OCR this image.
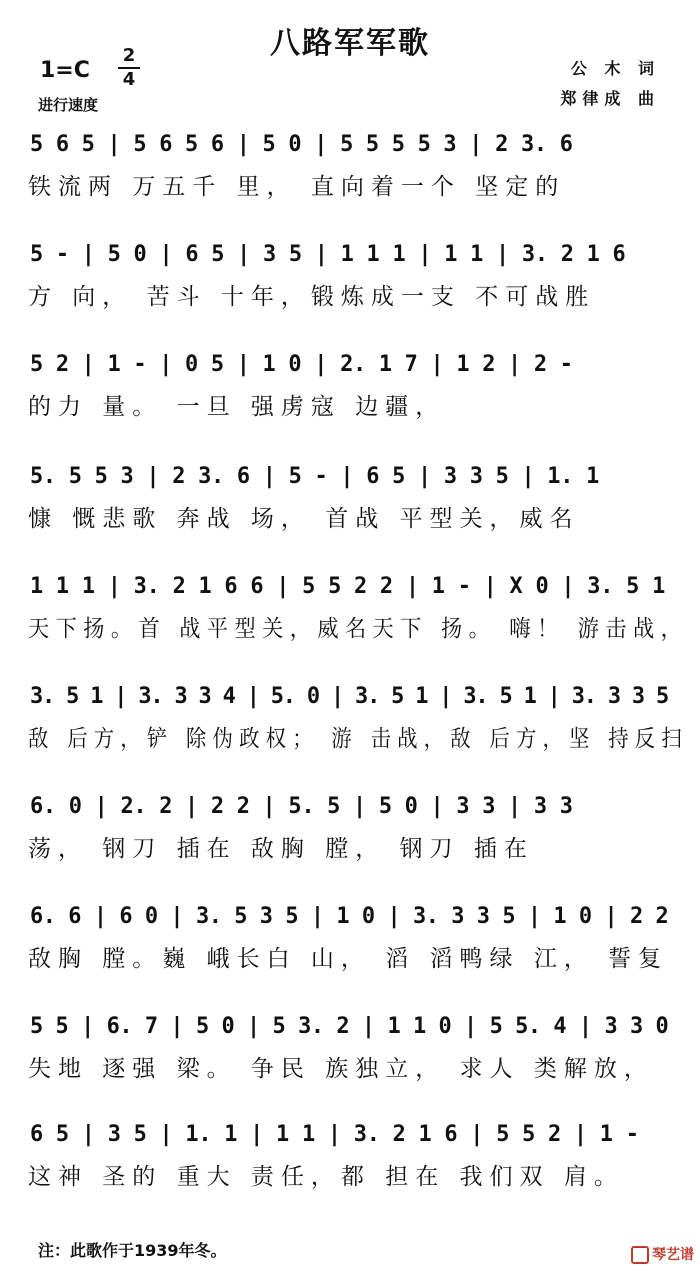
八路军军歌
1=C
2
4
进行速度
公 木 词
郑律成 曲
5 6 5 | 5 6 5 6 | 5 0 | 5 5 5 5 3 | 2 3. 6
铁流两 万五千 里， 直向着一个 坚定的
5 - | 5 0 | 6 5 | 3 5 | 1 1 1 | 1 1 | 3. 2 1 6
方 向， 苦斗 十年，锻炼成一支 不可战胜
5 2 | 1 - | 0 5 | 1 0 | 2. 1 7 | 1 2 | 2 -
的力 量。 一旦 强虏寇 边疆，
5. 5 5 3 | 2 3. 6 | 5 - | 6 5 | 3 3 5 | 1. 1
慷 慨悲歌 奔战 场， 首战 平型关，威名
1 1 1 | 3. 2 1 6 6 | 5 5 2 2 | 1 - | X 0 | 3. 5 1
天下扬。首 战平型关，威名天下 扬。 嗨！ 游击战，
3. 5 1 | 3. 3 3 4 | 5. 0 | 3. 5 1 | 3. 5 1 | 3. 3 3 5
敌 后方，铲 除伪政权； 游 击战，敌 后方，坚 持反扫
6. 0 | 2. 2 | 2 2 | 5. 5 | 5 0 | 3 3 | 3 3
荡， 钢刀 插在 敌胸 膛， 钢刀 插在
6. 6 | 6 0 | 3. 5 3 5 | 1 0 | 3. 3 3 5 | 1 0 | 2 2
敌胸 膛。巍 峨长白 山， 滔 滔鸭绿 江， 誓复
5 5 | 6. 7 | 5 0 | 5 3. 2 | 1 1 0 | 5 5. 4 | 3 3 0
失地 逐强 梁。 争民 族独立， 求人 类解放，
6 5 | 3 5 | 1. 1 | 1 1 | 3. 2 1 6 | 5 5 2 | 1 -
这神 圣的 重大 责任，都 担在 我们双 肩。
注：此歌作于1939年冬。	琴艺谱
